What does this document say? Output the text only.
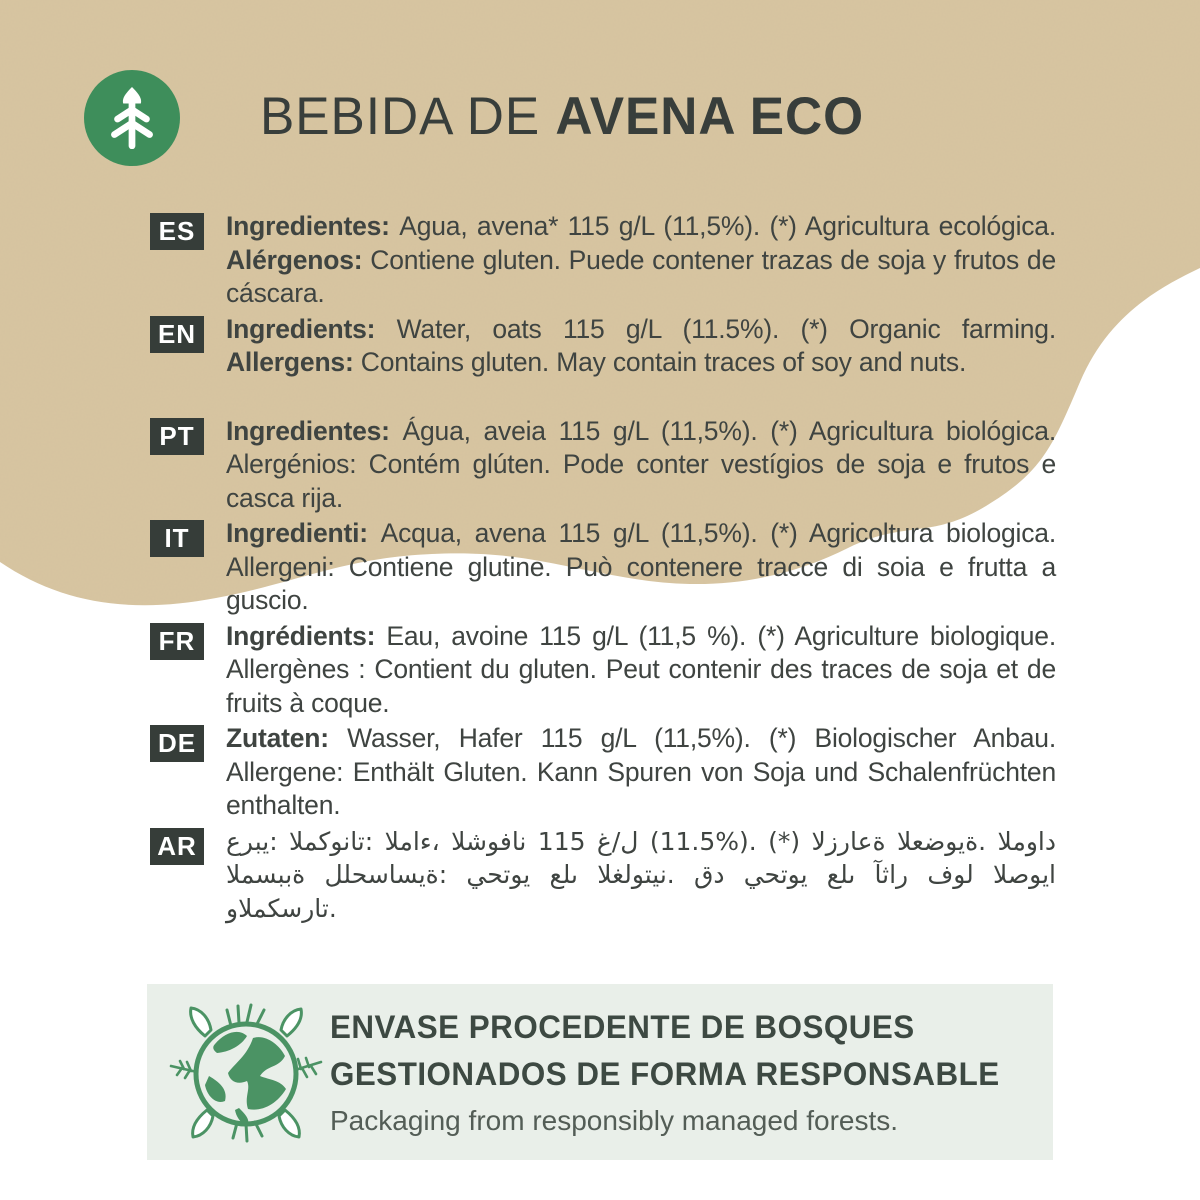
BEBIDA DE AVENA ECO
ES	Ingredientes: Agua, avena* 115 g/L (11,5%). (*) Agricultura ecológica. Alérgenos: Contiene gluten. Puede contener trazas de soja y frutos de cáscara.
EN Ingredients: Water, oats 115 g/L (11.5%). (*) Organic farming. Allergens: Contains gluten. May contain traces of soy and nuts.
PT	Ingredientes: Água, aveia 115 g/L (11,5%). (*) Agricultura biológica. Alergénios: Contém glúten. Pode conter vestígios de soja e frutos e casca rija.
IT	Ingredienti: Acqua, avena 115 g/L (11,5%). (*) Agricoltura biologica. Allergeni: Contiene glutine. Può contenere tracce di soia e frutta a guscio.
FR	Ingrédients: Eau, avoine 115 g/L (11,5 %). (*) Agriculture biologique. Allergènes : Contient du gluten. Peut contenir des traces de soja et de fruits à coque.
DE Zutaten: Wasser, Hafer 115 g/L (11,5%). (*) Biologischer Anbau. Allergene: Enthält Gluten. Kann Spuren von Soja und Schalenfrüchten enthalten.
AR عربي: المكونات: الماء، الشوفان 115 غ/ل (11.5%). (*) الزراعة العضوية. المواد المسببة للحساسية: يحتوي على الغلوتين. قد يحتوي على آثار فول الصويا والمكسرات.
ENVASE PROCEDENTE DE BOSQUES
GESTIONADOS DE FORMA RESPONSABLE
Packaging from responsibly managed forests.
